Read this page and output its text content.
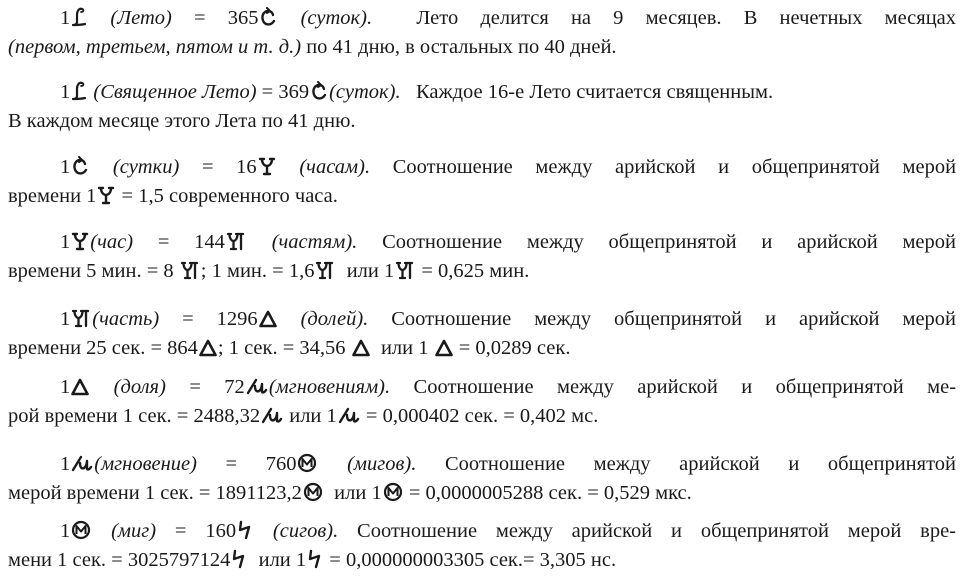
1 (Лето) = 365 (суток). Лето делится на 9 месяцев. В нечетных месяцах
(первом, третьем, пятом и т. д.) по 41 дню, в остальных по 40 дней.
1 (Священное Лето) = 369 (суток). Каждое 16-е Лето считается священным.
В каждом месяце этого Лета по 41 дню.
1 (сутки) = 16 (часам). Соотношение между арийской и общепринятой мерой
времени 1 = 1,5 современного часа.
1 (час) = 144 (частям). Соотношение между общепринятой и арийской мерой
времени 5 мин. = 8 ; 1 мин. = 1,6 или 1 = 0,625 мин.
1 (часть) = 1296 (долей). Соотношение между общепринятой и арийской мерой
времени 25 сек. = 864 ; 1 сек. = 34,56 или 1 = 0,0289 сек.
1 (доля) = 72 (мгновениям). Соотношение между арийской и общепринятой ме-
рой времени 1 сек. = 2488,32 или 1 = 0,000402 сек. = 0,402 мс.
1 (мгновение) = 760 (мигов). Соотношение между арийской и общепринятой
мерой времени 1 сек. = 1891123,2 или 1 = 0,0000005288 сек. = 0,529 мкс.
1 (миг) = 160 (сигов). Соотношение между арийской и общепринятой мерой вре-
мени 1 сек. = 3025797124 или 1 = 0,000000003305 сек.= 3,305 нс.
